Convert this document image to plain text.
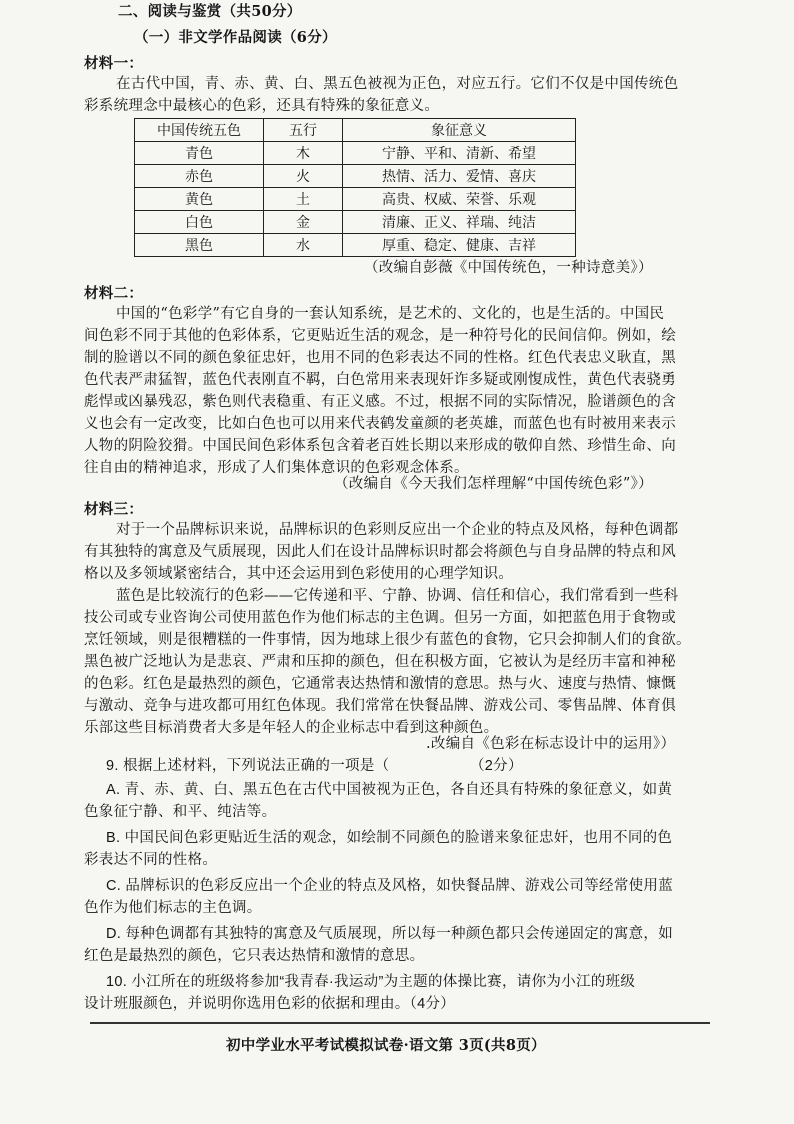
二、阅读与鉴赏（共50分）
（一）非文学作品阅读（6分）
材料一：
在古代中国，青、赤、黄、白、黑五色被视为正色，对应五行。它们不仅是中国传统色
彩系统理念中最核心的色彩，还具有特殊的象征意义。
中国传统五色	五行	象征意义
青色	木	宁静、平和、清新、希望
赤色	火	热情、活力、爱情、喜庆
黄色	土	高贵、权威、荣誉、乐观
白色	金	清廉、正义、祥瑞、纯洁
黑色	水	厚重、稳定、健康、吉祥
（改编自彭薇《中国传统色，一种诗意美》）
材料二：
中国的“色彩学”有它自身的一套认知系统，是艺术的、文化的，也是生活的。中国民
间色彩不同于其他的色彩体系，它更贴近生活的观念，是一种符号化的民间信仰。例如，绘
制的脸谱以不同的颜色象征忠奸，也用不同的色彩表达不同的性格。红色代表忠义耿直，黑
色代表严肃猛智，蓝色代表刚直不羁，白色常用来表现奸诈多疑或刚愎成性，黄色代表骁勇
彪悍或凶暴残忍，紫色则代表稳重、有正义感。不过，根据不同的实际情况，脸谱颜色的含
义也会有一定改变，比如白色也可以用来代表鹤发童颜的老英雄，而蓝色也有时被用来表示
人物的阴险狡猾。中国民间色彩体系包含着老百姓长期以来形成的敬仰自然、珍惜生命、向
往自由的精神追求，形成了人们集体意识的色彩观念体系。
（改编自《今天我们怎样理解“中国传统色彩”》）
材料三：
对于一个品牌标识来说，品牌标识的色彩则反应出一个企业的特点及风格，每种色调都
有其独特的寓意及气质展现，因此人们在设计品牌标识时都会将颜色与自身品牌的特点和风
格以及多领域紧密结合，其中还会运用到色彩使用的心理学知识。
蓝色是比较流行的色彩——它传递和平、宁静、协调、信任和信心，我们常看到一些科
技公司或专业咨询公司使用蓝色作为他们标志的主色调。但另一方面，如把蓝色用于食物或
烹饪领域，则是很糟糕的一件事情，因为地球上很少有蓝色的食物，它只会抑制人们的食欲。
黑色被广泛地认为是悲哀、严肃和压抑的颜色，但在积极方面，它被认为是经历丰富和神秘
的色彩。红色是最热烈的颜色，它通常表达热情和激情的意思。热与火、速度与热情、慷慨
与激动、竞争与进攻都可用红色体现。我们常常在快餐品牌、游戏公司、零售品牌、体育俱
乐部这些目标消费者大多是年轻人的企业标志中看到这种颜色。
.改编自《色彩在标志设计中的运用》）
9. 根据上述材料，下列说法正确的一项是（	（2分）
A. 青、赤、黄、白、黑五色在古代中国被视为正色，各自还具有特殊的象征意义，如黄
色象征宁静、和平、纯洁等。
B. 中国民间色彩更贴近生活的观念，如绘制不同颜色的脸谱来象征忠奸，也用不同的色
彩表达不同的性格。
C. 品牌标识的色彩反应出一个企业的特点及风格，如快餐品牌、游戏公司等经常使用蓝
色作为他们标志的主色调。
D. 每种色调都有其独特的寓意及气质展现，所以每一种颜色都只会传递固定的寓意，如
红色是最热烈的颜色，它只表达热情和激情的意思。
10. 小江所在的班级将参加“我青春·我运动”为主题的体操比赛，请你为小江的班级
设计班服颜色，并说明你选用色彩的依据和理由。（4分）
初中学业水平考试模拟试卷·语文第 3页(共8页）
